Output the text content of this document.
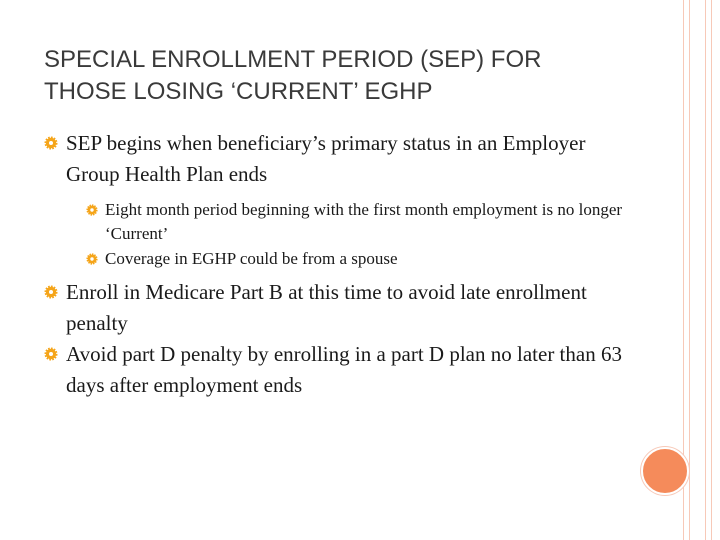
SPECIAL ENROLLMENT PERIOD (SEP) FOR
THOSE LOSING ‘CURRENT’ EGHP
SEP begins when beneficiary’s primary status in an Employer Group Health Plan ends
Eight month period beginning with the first month employment is no longer ‘Current’
Coverage in EGHP could be from a spouse
Enroll in Medicare Part B at this time to avoid late enrollment penalty
Avoid part D penalty by enrolling in a part D plan no later than 63 days after employment ends
